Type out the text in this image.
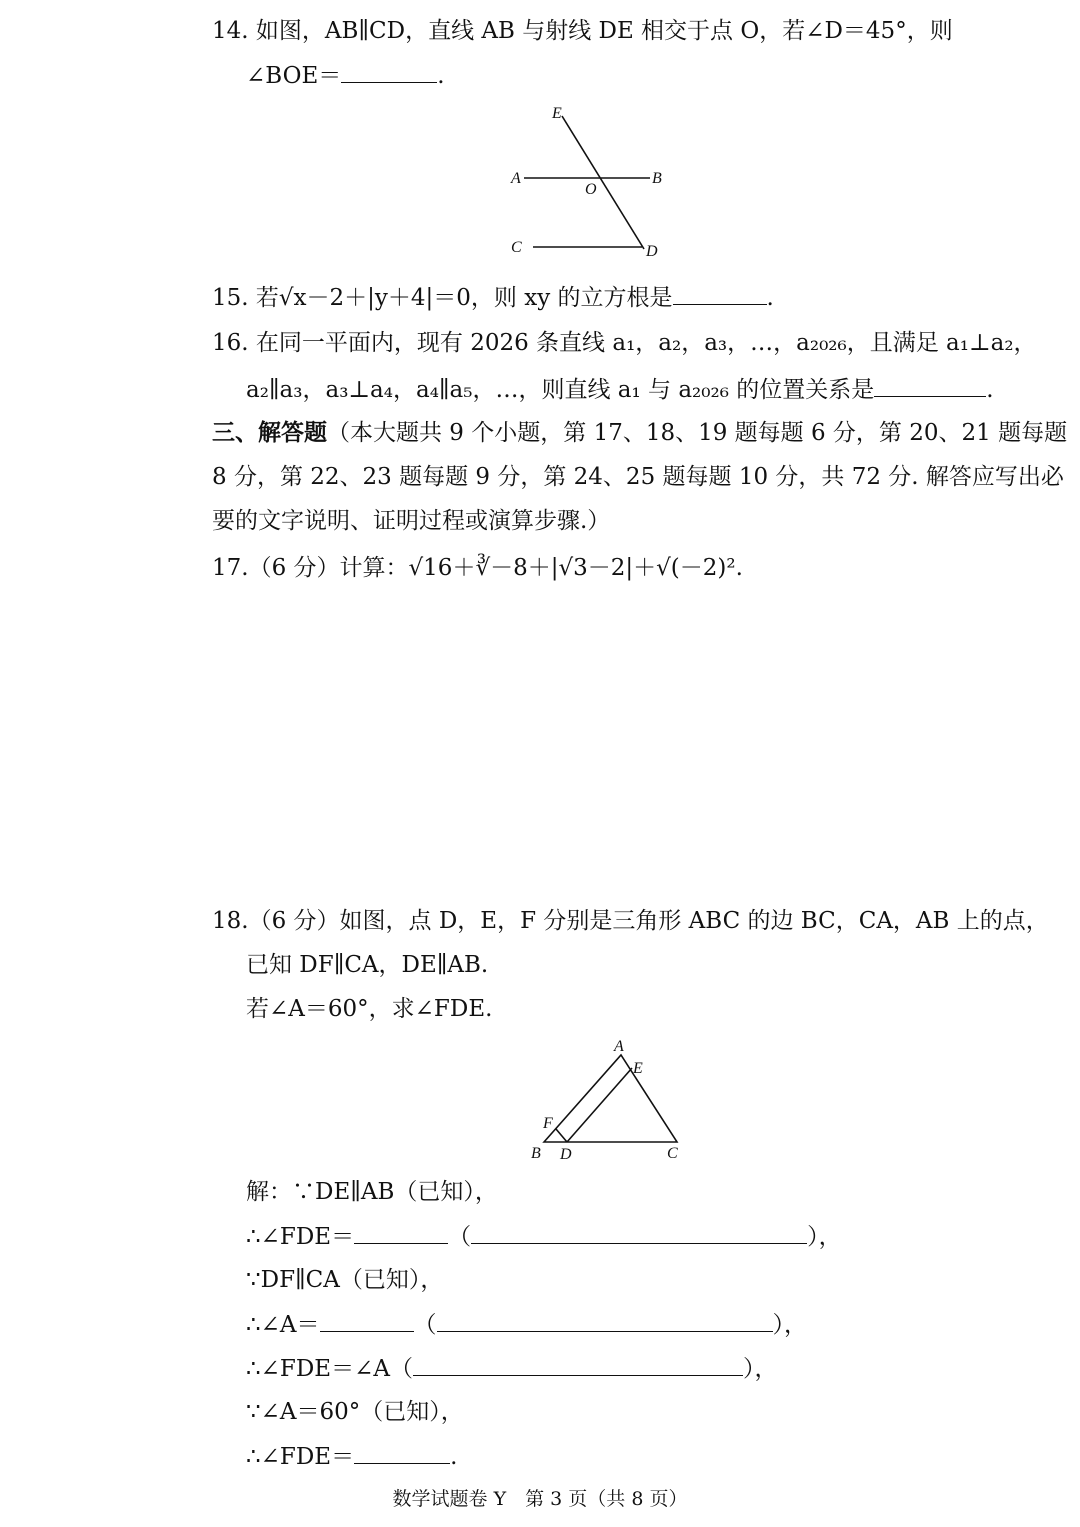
14. 如图，AB∥CD，直线 AB 与射线 DE 相交于点 O，若∠D＝45°，则
∠BOE＝	.
E
A
O
B
C	D
15. 若√x－2＋|y＋4|＝0，则 xy 的立方根是	.
16. 在同一平面内，现有 2026 条直线 a₁，a₂，a₃，…，a₂₀₂₆，且满足 a₁⊥a₂，
a₂∥a₃，a₃⊥a₄，a₄∥a₅，…，则直线 a₁ 与 a₂₀₂₆ 的位置关系是	.
三、解答题（本大题共 9 个小题，第 17、18、19 题每题 6 分，第 20、21 题每题
8 分，第 22、23 题每题 9 分，第 24、25 题每题 10 分，共 72 分. 解答应写出必
要的文字说明、证明过程或演算步骤.）
17.（6 分）计算：√16＋∛－8＋|√3－2|＋√(－2)².
18.（6 分）如图，点 D，E，F 分别是三角形 ABC 的边 BC，CA，AB 上的点，
已知 DF∥CA，DE∥AB.
若∠A＝60°，求∠FDE.
A
E
F
B D	C
解：∵DE∥AB（已知），
∴∠FDE＝	（	），
∵DF∥CA（已知），
∴∠A＝	（	），
∴∠FDE＝∠A（	），
∵∠A＝60°（已知），
∴∠FDE＝	.
数学试题卷 Y　第 3 页（共 8 页）
